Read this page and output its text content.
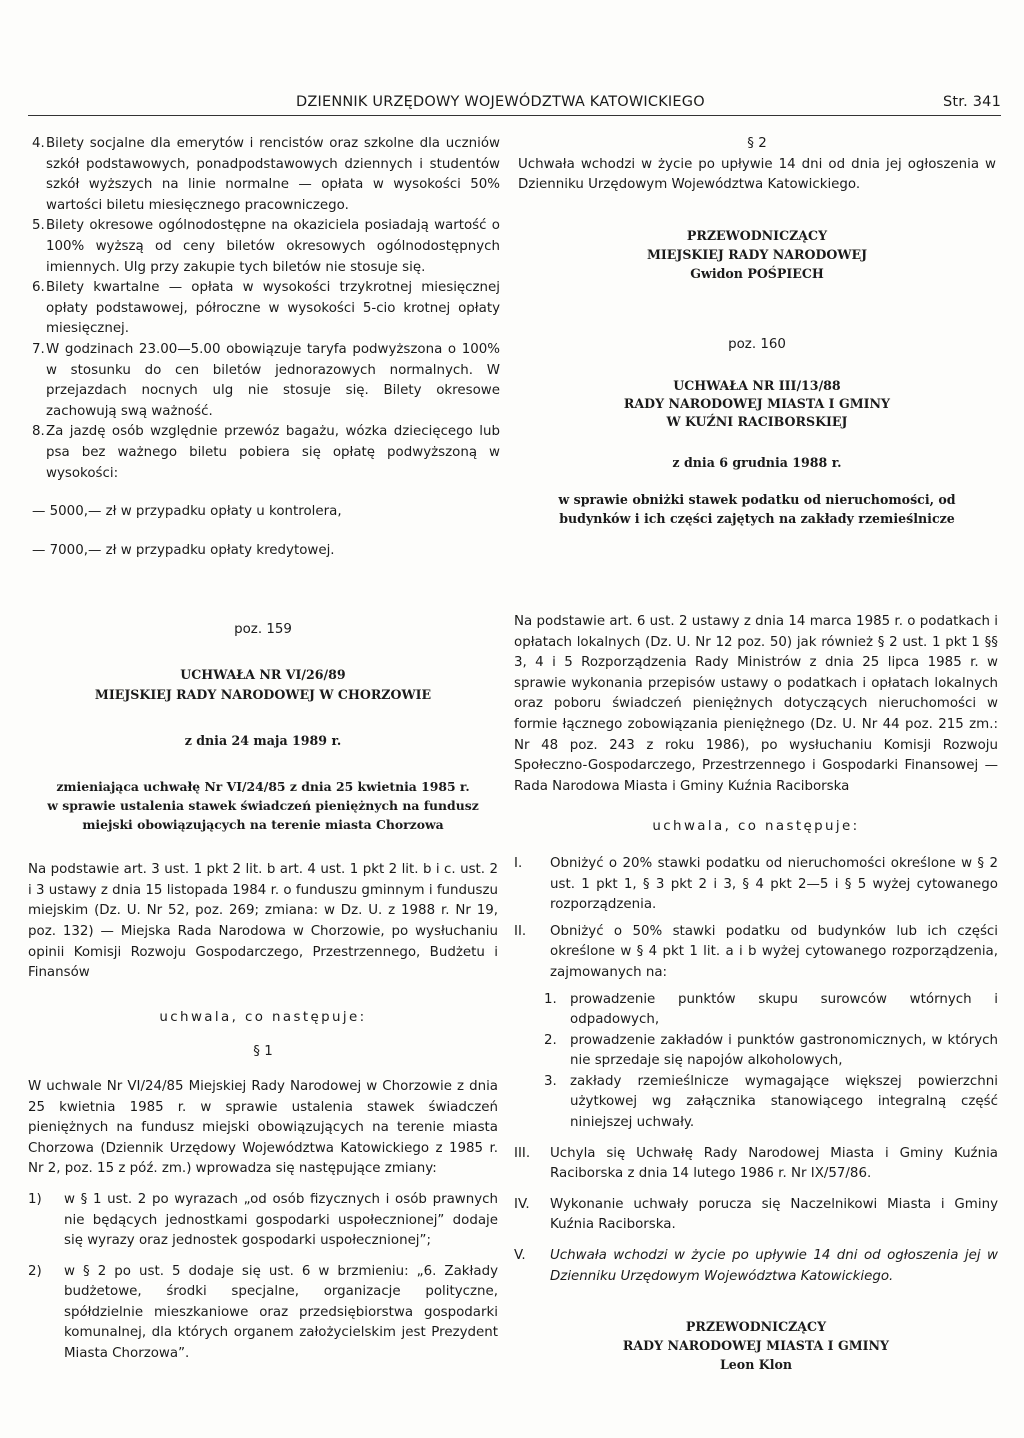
DZIENNIK URZĘDOWY WOJEWÓDZTWA KATOWICKIEGO	Str. 341
4. Bilety socjalne dla emerytów i rencistów oraz szkolne dla uczniów szkół podstawowych, ponadpodstawowych dziennych i studentów szkół wyższych na linie normalne — opłata w wysokości 50% wartości biletu miesięcznego pracowniczego.
5. Bilety okresowe ogólnodostępne na okaziciela posiadają wartość o 100% wyższą od ceny biletów okresowych ogólnodostępnych imiennych. Ulg przy zakupie tych biletów nie stosuje się.
6. Bilety kwartalne — opłata w wysokości trzykrotnej miesięcznej opłaty podstawowej, półroczne w wysokości 5-cio krotnej opłaty miesięcznej.
7. W godzinach 23.00—5.00 obowiązuje taryfa podwyższona o 100% w stosunku do cen biletów jednorazowych normalnych. W przejazdach nocnych ulg nie stosuje się. Bilety okresowe zachowują swą ważność.
8. Za jazdę osób względnie przewóz bagażu, wózka dziecięcego lub psa bez ważnego biletu pobiera się opłatę podwyższoną w wysokości:

— 5000,— zł w przypadku opłaty u kontrolera,

— 7000,— zł w przypadku opłaty kredytowej.

§ 2

Uchwała wchodzi w życie po upływie 14 dni od dnia jej ogłoszenia w Dzienniku Urzędowym Województwa Katowickiego.

PRZEWODNICZĄCY

MIEJSKIEJ RADY NARODOWEJ

Gwidon POŚPIECH

poz. 160

UCHWAŁA NR III/13/88

RADY NARODOWEJ MIASTA I GMINY

W KUŹNI RACIBORSKIEJ

z dnia 6 grudnia 1988 r.

w sprawie obniżki stawek podatku od nieruchomości, od budynków i ich części zajętych na zakłady rzemieślnicze

poz. 159

UCHWAŁA NR VI/26/89

MIEJSKIEJ RADY NARODOWEJ W CHORZOWIE

z dnia 24 maja 1989 r.

zmieniająca uchwałę Nr VI/24/85 z dnia 25 kwietnia 1985 r.

w sprawie ustalenia stawek świadczeń pieniężnych na fundusz miejski obowiązujących na terenie miasta Chorzowa

Na podstawie art. 3 ust. 1 pkt 2 lit. b art. 4 ust. 1 pkt 2 lit. b i c. ust. 2 i 3 ustawy z dnia 15 listopada 1984 r. o funduszu gminnym i funduszu miejskim (Dz. U. Nr 52, poz. 269; zmiana: w Dz. U. z 1988 r. Nr 19, poz. 132) — Miejska Rada Narodowa w Chorzowie, po wysłuchaniu opinii Komisji Rozwoju Gospodarczego, Przestrzennego, Budżetu i Finansów

uchwala, co następuje:

§ 1

W uchwale Nr VI/24/85 Miejskiej Rady Narodowej w Chorzowie z dnia 25 kwietnia 1985 r. w sprawie ustalenia stawek świadczeń pieniężnych na fundusz miejski obowiązujących na terenie miasta Chorzowa (Dziennik Urzędowy Województwa Katowickiego z 1985 r. Nr 2, poz. 15 z póź. zm.) wprowadza się następujące zmiany:

1)	w § 1 ust. 2 po wyrazach „od osób fizycznych i osób prawnych nie będących jednostkami gospodarki uspołecznionej” dodaje się wyrazy oraz jednostek gospodarki uspołecznionej”;
2)	w § 2 po ust. 5 dodaje się ust. 6 w brzmieniu: „6. Zakłady budżetowe, środki specjalne, organizacje polityczne, spółdzielnie mieszkaniowe oraz przedsiębiorstwa gospodarki komunalnej, dla których organem założycielskim jest Prezydent Miasta Chorzowa”.

Na podstawie art. 6 ust. 2 ustawy z dnia 14 marca 1985 r. o podatkach i opłatach lokalnych (Dz. U. Nr 12 poz. 50) jak również § 2 ust. 1 pkt 1 §§ 3, 4 i 5 Rozporządzenia Rady Ministrów z dnia 25 lipca 1985 r. w sprawie wykonania przepisów ustawy o podatkach i opłatach lokalnych oraz poboru świadczeń pieniężnych dotyczących nieruchomości w formie łącznego zobowiązania pieniężnego (Dz. U. Nr 44 poz. 215 zm.: Nr 48 poz. 243 z roku 1986), po wysłuchaniu Komisji Rozwoju Społeczno-Gospodarczego, Przestrzennego i Gospodarki Finansowej — Rada Narodowa Miasta i Gminy Kuźnia Raciborska

uchwala, co następuje:

I.	Obniżyć o 20% stawki podatku od nieruchomości określone w § 2 ust. 1 pkt 1, § 3 pkt 2 i 3, § 4 pkt 2—5 i § 5 wyżej cytowanego rozporządzenia.
II.	Obniżyć o 50% stawki podatku od budynków lub ich części określone w § 4 pkt 1 lit. a i b wyżej cytowanego rozporządzenia, zajmowanych na:
1. prowadzenie punktów skupu surowców wtórnych i odpadowych,
2. prowadzenie zakładów i punktów gastronomicznych, w których nie sprzedaje się napojów alkoholowych,
3. zakłady rzemieślnicze wymagające większej powierzchni użytkowej wg załącznika stanowiącego integralną część niniejszej uchwały.
III.	Uchyla się Uchwałę Rady Narodowej Miasta i Gminy Kuźnia Raciborska z dnia 14 lutego 1986 r. Nr IX/57/86.
IV.	Wykonanie uchwały porucza się Naczelnikowi Miasta i Gminy Kuźnia Raciborska.
V.	Uchwała wchodzi w życie po upływie 14 dni od ogłoszenia jej w Dzienniku Urzędowym Województwa Katowickiego.

PRZEWODNICZĄCY

RADY NARODOWEJ MIASTA I GMINY

Leon Klon
